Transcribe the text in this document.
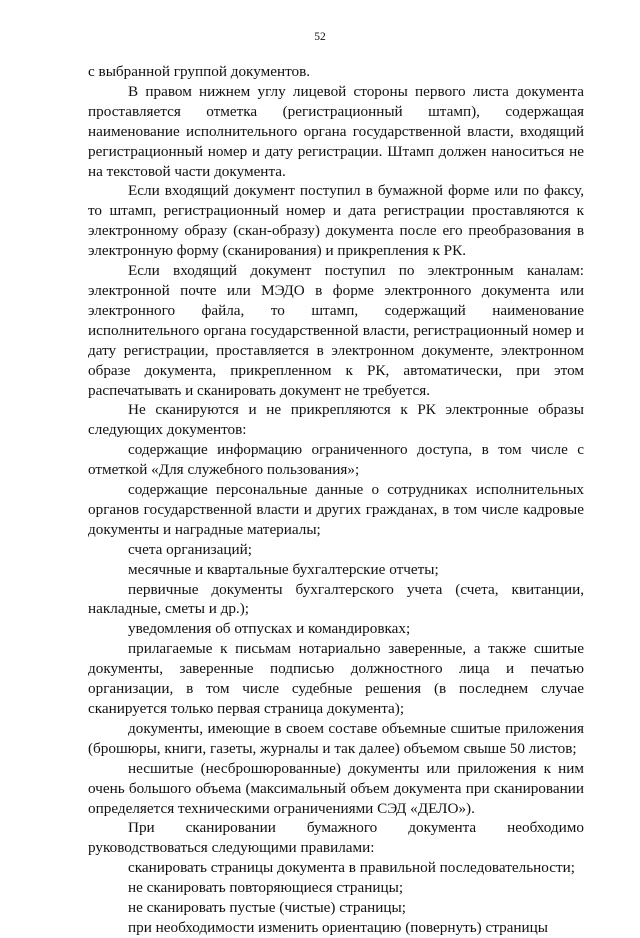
52

с выбранной группой документов.

В правом нижнем углу лицевой стороны первого листа документа проставляется отметка (регистрационный штамп), содержащая наименование исполнительного органа государственной власти, входящий регистрационный номер и дату регистрации. Штамп должен наноситься не на текстовой части документа.

Если входящий документ поступил в бумажной форме или по факсу, то штамп, регистрационный номер и дата регистрации проставляются к электронному образу (скан-образу) документа после его преобразования в электронную форму (сканирования) и прикрепления к РК.

Если входящий документ поступил по электронным каналам: электронной почте или МЭДО в форме электронного документа или электронного файла, то штамп, содержащий наименование исполнительного органа государственной власти, регистрационный номер и дату регистрации, проставляется в электронном документе, электронном образе документа, прикрепленном к РК, автоматически, при этом распечатывать и сканировать документ не требуется.

Не сканируются и не прикрепляются к РК электронные образы следующих документов:

содержащие информацию ограниченного доступа, в том числе с отметкой «Для служебного пользования»;

содержащие персональные данные о сотрудниках исполнительных органов государственной власти и других гражданах, в том числе кадровые документы и наградные материалы;

счета организаций;

месячные и квартальные бухгалтерские отчеты;

первичные документы бухгалтерского учета (счета, квитанции, накладные, сметы и др.);

уведомления об отпусках и командировках;

прилагаемые к письмам нотариально заверенные, а также сшитые документы, заверенные подписью должностного лица и печатью организации, в том числе судебные решения (в последнем случае сканируется только первая страница документа);

документы, имеющие в своем составе объемные сшитые приложения (брошюры, книги, газеты, журналы и так далее) объемом свыше 50 листов;

несшитые (несброшюрованные) документы или приложения к ним очень большого объема (максимальный объем документа при сканировании определяется техническими ограничениями СЭД «ДЕЛО»).

При сканировании бумажного документа необходимо руководствоваться следующими правилами:

сканировать страницы документа в правильной последовательности;

не сканировать повторяющиеся страницы;

не сканировать пустые (чистые) страницы;

при необходимости изменить ориентацию (повернуть) страницы
